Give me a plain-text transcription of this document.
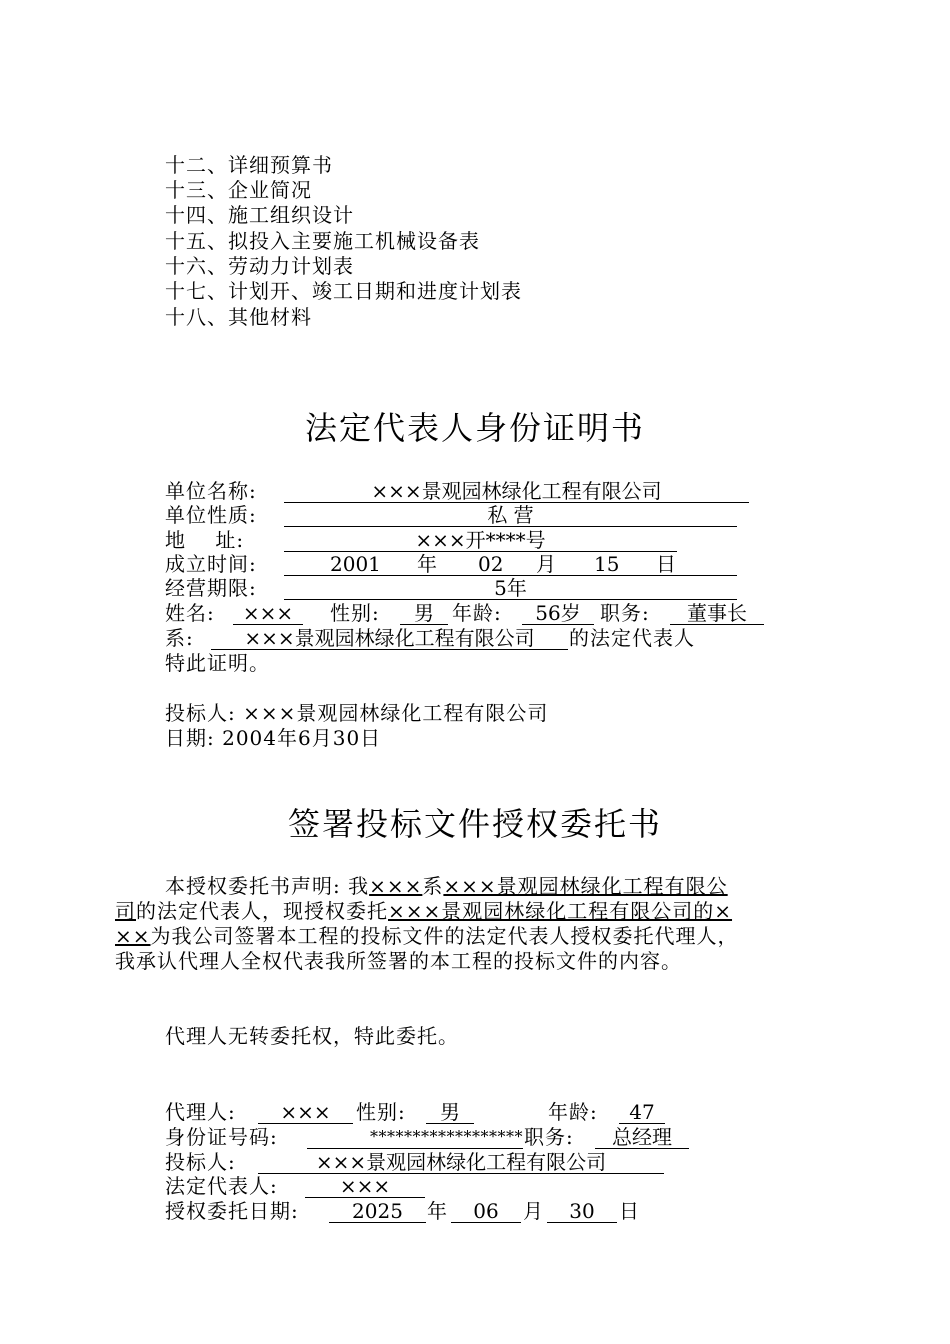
十二、详细预算书
十三、企业简况
十四、施工组织设计
十五、拟投入主要施工机械设备表
十六、劳动力计划表
十七、计划开、竣工日期和进度计划表
十八、其他材料
法定代表人身份证明书
单位名称:	×××景观园林绿化工程有限公司
单位性质:	私 营
地    址:	×××开****号
成立时间:	2001 年 02 月 15 日
经营期限:	5年
姓名:	×××	性别:	男 年龄:	56岁 职务:	董事长
系:	×××景观园林绿化工程有限公司	的法定代表人
特此证明。
投标人: ×××景观园林绿化工程有限公司
日期: 2004年6月30日
签署投标文件授权委托书
本授权委托书声明: 我×××系×××景观园林绿化工程有限公
司的法定代表人，现授权委托×××景观园林绿化工程有限公司的×
××为我公司签署本工程的投标文件的法定代表人授权委托代理人，
我承认代理人全权代表我所签署的本工程的投标文件的内容。
代理人无转委托权，特此委托。
代理人:	×××	性别:	男	年龄:	47
身份证号码:	****************** 职务:	总经理
投标人:	×××景观园林绿化工程有限公司
法定代表人:	×××
授权委托日期:	2025	年	06	月	30	日
